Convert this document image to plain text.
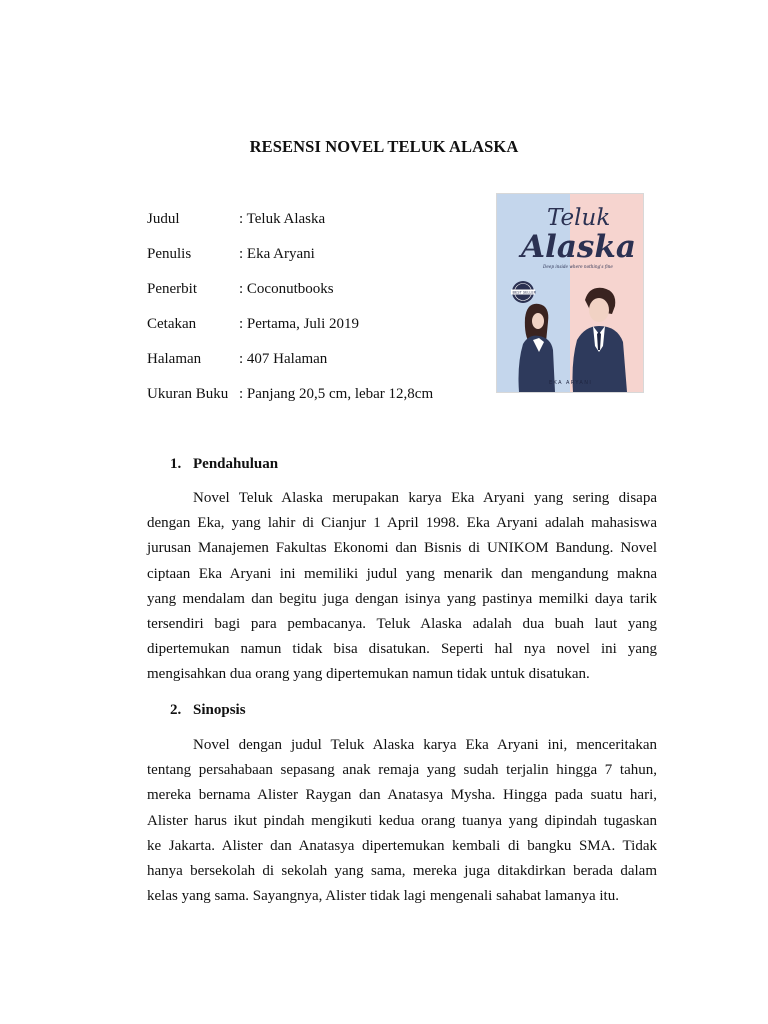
RESENSI NOVEL TELUK ALASKA
Judul	: Teluk Alaska
Penulis	: Eka Aryani
Penerbit	: Coconutbooks
Cetakan	: Pertama, Juli 2019
Halaman	: 407 Halaman
Ukuran Buku : Panjang 20,5 cm, lebar 12,8cm
Teluk
Alaska
Deep inside where nothing's fine
BEST SELLER
EKA ARYANI
1. Pendahuluan
Novel Teluk Alaska merupakan karya Eka Aryani yang sering disapa
dengan Eka, yang lahir di Cianjur 1 April 1998. Eka Aryani adalah mahasiswa
jurusan Manajemen Fakultas Ekonomi dan Bisnis di UNIKOM Bandung. Novel
ciptaan Eka Aryani ini memiliki judul yang menarik dan mengandung makna
yang mendalam dan begitu juga dengan isinya yang pastinya memilki daya tarik
tersendiri bagi para pembacanya. Teluk Alaska adalah dua buah laut yang
dipertemukan namun tidak bisa disatukan. Seperti hal nya novel ini yang
mengisahkan dua orang yang dipertemukan namun tidak untuk disatukan.
2. Sinopsis
Novel dengan judul Teluk Alaska karya Eka Aryani ini, menceritakan
tentang persahabaan sepasang anak remaja yang sudah terjalin hingga 7 tahun,
mereka bernama Alister Raygan dan Anatasya Mysha. Hingga pada suatu hari,
Alister harus ikut pindah mengikuti kedua orang tuanya yang dipindah tugaskan
ke Jakarta. Alister dan Anatasya dipertemukan kembali di bangku SMA. Tidak
hanya bersekolah di sekolah yang sama, mereka juga ditakdirkan berada dalam
kelas yang sama. Sayangnya, Alister tidak lagi mengenali sahabat lamanya itu.
